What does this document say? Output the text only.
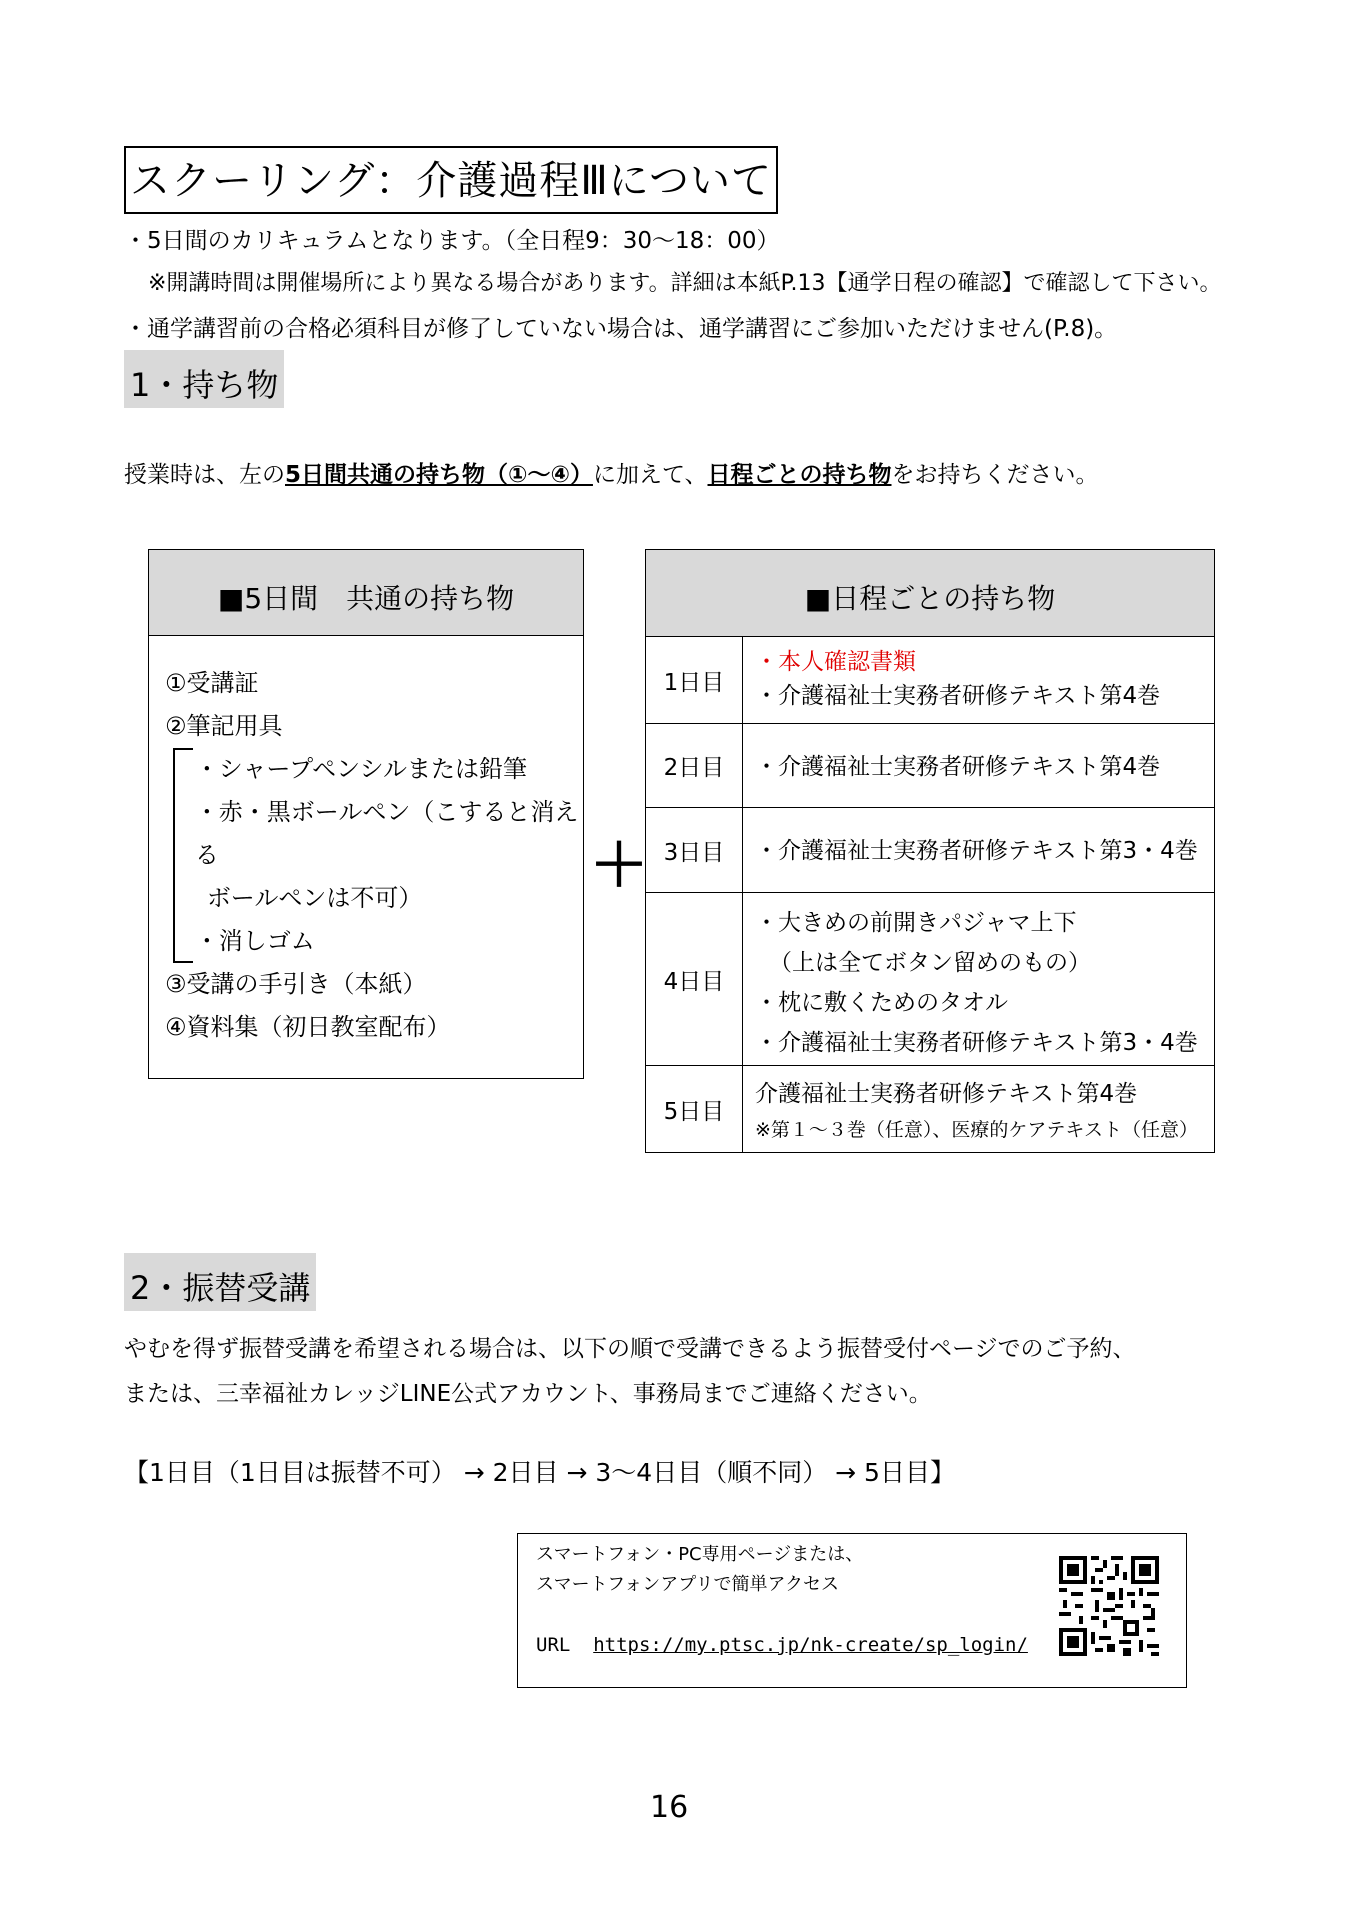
スクーリング：介護過程Ⅲについて
・5日間のカリキュラムとなります。（全日程9：30～18：00）
※開講時間は開催場所により異なる場合があります。詳細は本紙P.13【通学日程の確認】で確認して下さい。
・通学講習前の合格必須科目が修了していない場合は、通学講習にご参加いただけません(P.8)。
1・持ち物
授業時は、左の5日間共通の持ち物（①～④）に加えて、日程ごとの持ち物をお持ちください。
■5日間　共通の持ち物
①受講証
②筆記用具
・シャープペンシルまたは鉛筆
・赤・黒ボールペン（こすると消える
ボールペンは不可）
・消しゴム
③受講の手引き（本紙）
④資料集（初日教室配布）
＋
■日程ごとの持ち物
1日目
・本人確認書類
・介護福祉士実務者研修テキスト第4巻
2日目	・介護福祉士実務者研修テキスト第4巻
3日目	・介護福祉士実務者研修テキスト第3・4巻
4日目
・大きめの前開きパジャマ上下
（上は全てボタン留めのもの）
・枕に敷くためのタオル
・介護福祉士実務者研修テキスト第3・4巻
5日目
介護福祉士実務者研修テキスト第4巻
※第１～３巻（任意）、医療的ケアテキスト（任意）
2・振替受講
やむを得ず振替受講を希望される場合は、以下の順で受講できるよう振替受付ページでのご予約、
または、三幸福祉カレッジLINE公式アカウント、事務局までご連絡ください。
【1日目（1日目は振替不可） → 2日目 → 3～4日目（順不同） → 5日目】
スマートフォン・PC専用ページまたは、
スマートフォンアプリで簡単アクセス
URL https://my.ptsc.jp/nk-create/sp_login/
16
